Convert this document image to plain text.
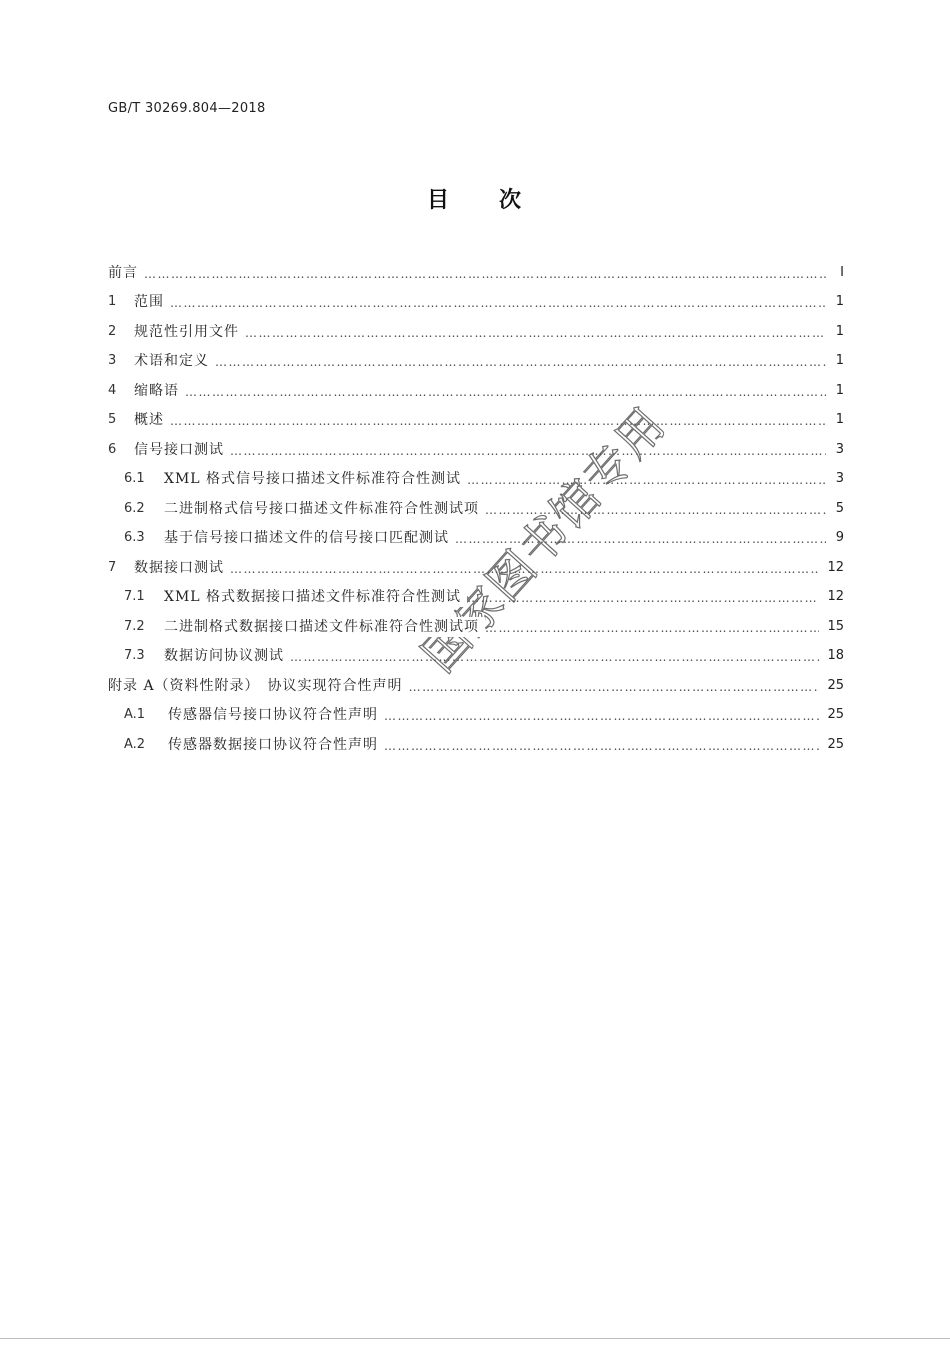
GB/T 30269.804—2018
目　　次
前言 ……………………………………………………………………………………………………………………………………………………………………………………………………………………	Ⅰ
1	范围 ……………………………………………………………………………………………………………………………………………………………………………………………………………………	1
2	规范性引用文件 ……………………………………………………………………………………………………………………………………………………………………………………………………………………	1
3	术语和定义 ……………………………………………………………………………………………………………………………………………………………………………………………………………………	1
4	缩略语 ……………………………………………………………………………………………………………………………………………………………………………………………………………………	1
5	概述 ……………………………………………………………………………………………………………………………………………………………………………………………………………………	1
6	信号接口测试 ……………………………………………………………………………………………………………………………………………………………………………………………………………………	3
6.1	XML 格式信号接口描述文件标准符合性测试 ……………………………………………………………………………………………………………………………………………………………………………………………………………………	3
6.2	二进制格式信号接口描述文件标准符合性测试项 ……………………………………………………………………………………………………………………………………………………………………………………………………………………	5
6.3	基于信号接口描述文件的信号接口匹配测试 ……………………………………………………………………………………………………………………………………………………………………………………………………………………	9
7	数据接口测试 ……………………………………………………………………………………………………………………………………………………………………………………………………………………	12
7.1	XML 格式数据接口描述文件标准符合性测试 ……………………………………………………………………………………………………………………………………………………………………………………………………………………	12
7.2	二进制格式数据接口描述文件标准符合性测试项 ……………………………………………………………………………………………………………………………………………………………………………………………………………………	15
7.3	数据访问协议测试 ……………………………………………………………………………………………………………………………………………………………………………………………………………………	18
附录 A（资料性附录）　协议实现符合性声明 ……………………………………………………………………………………………………………………………………………………………………………………………………………………	25
A.1	传感器信号接口协议符合性声明 ……………………………………………………………………………………………………………………………………………………………………………………………………………………	25
A.2	传感器数据接口协议符合性声明 ……………………………………………………………………………………………………………………………………………………………………………………………………………………	25
国家图书馆专用
